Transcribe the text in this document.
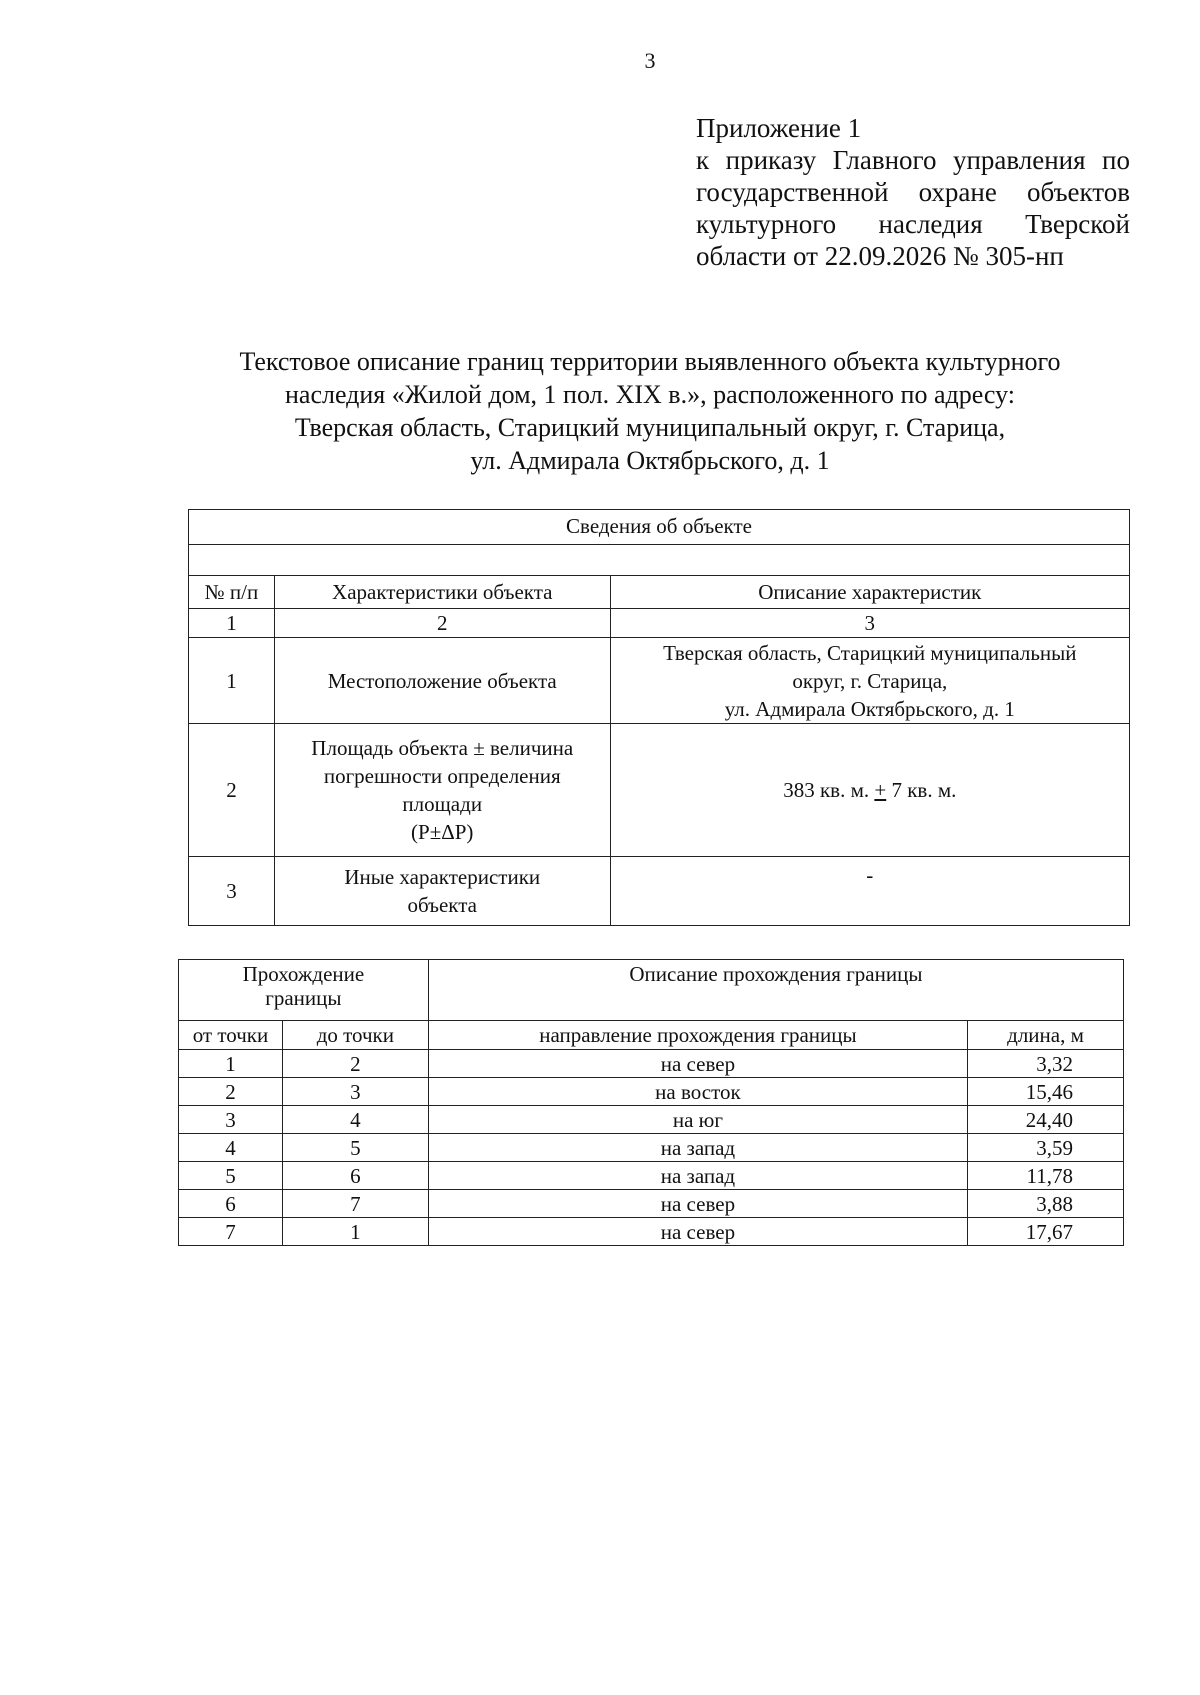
3
Приложение 1
к приказу Главного управления по
государственной охране объектов
культурного наследия Тверской
области от 22.09.2026 № 305-нп
Текстовое описание границ территории выявленного объекта культурного
наследия «Жилой дом, 1 пол. XIX в.», расположенного по адресу:
Тверская область, Старицкий муниципальный округ, г. Старица,
ул. Адмирала Октябрьского, д. 1
Сведения об объекте		

№ п/п	Характеристики объекта	Описание характеристик
1	2	3
1	Местоположение объекта	Тверская область, Старицкий муниципальный
округ, г. Старица,
ул. Адмирала Октябрьского, д. 1

2	Площадь объекта ± величина
погрешности определения
площади
(P±ΔP)	383 кв. м. + 7 кв. м.
3	Иные характеристики
объекта	-
Прохождение
границы		Описание прохождения границы	
от точки	до точки	направление прохождения границы	длина, м
1	2	на север	3,32
2	3	на восток	15,46
3	4	на юг	24,40
4	5	на запад	3,59
5	6	на запад	11,78
6	7	на север	3,88
7	1	на север	17,67
